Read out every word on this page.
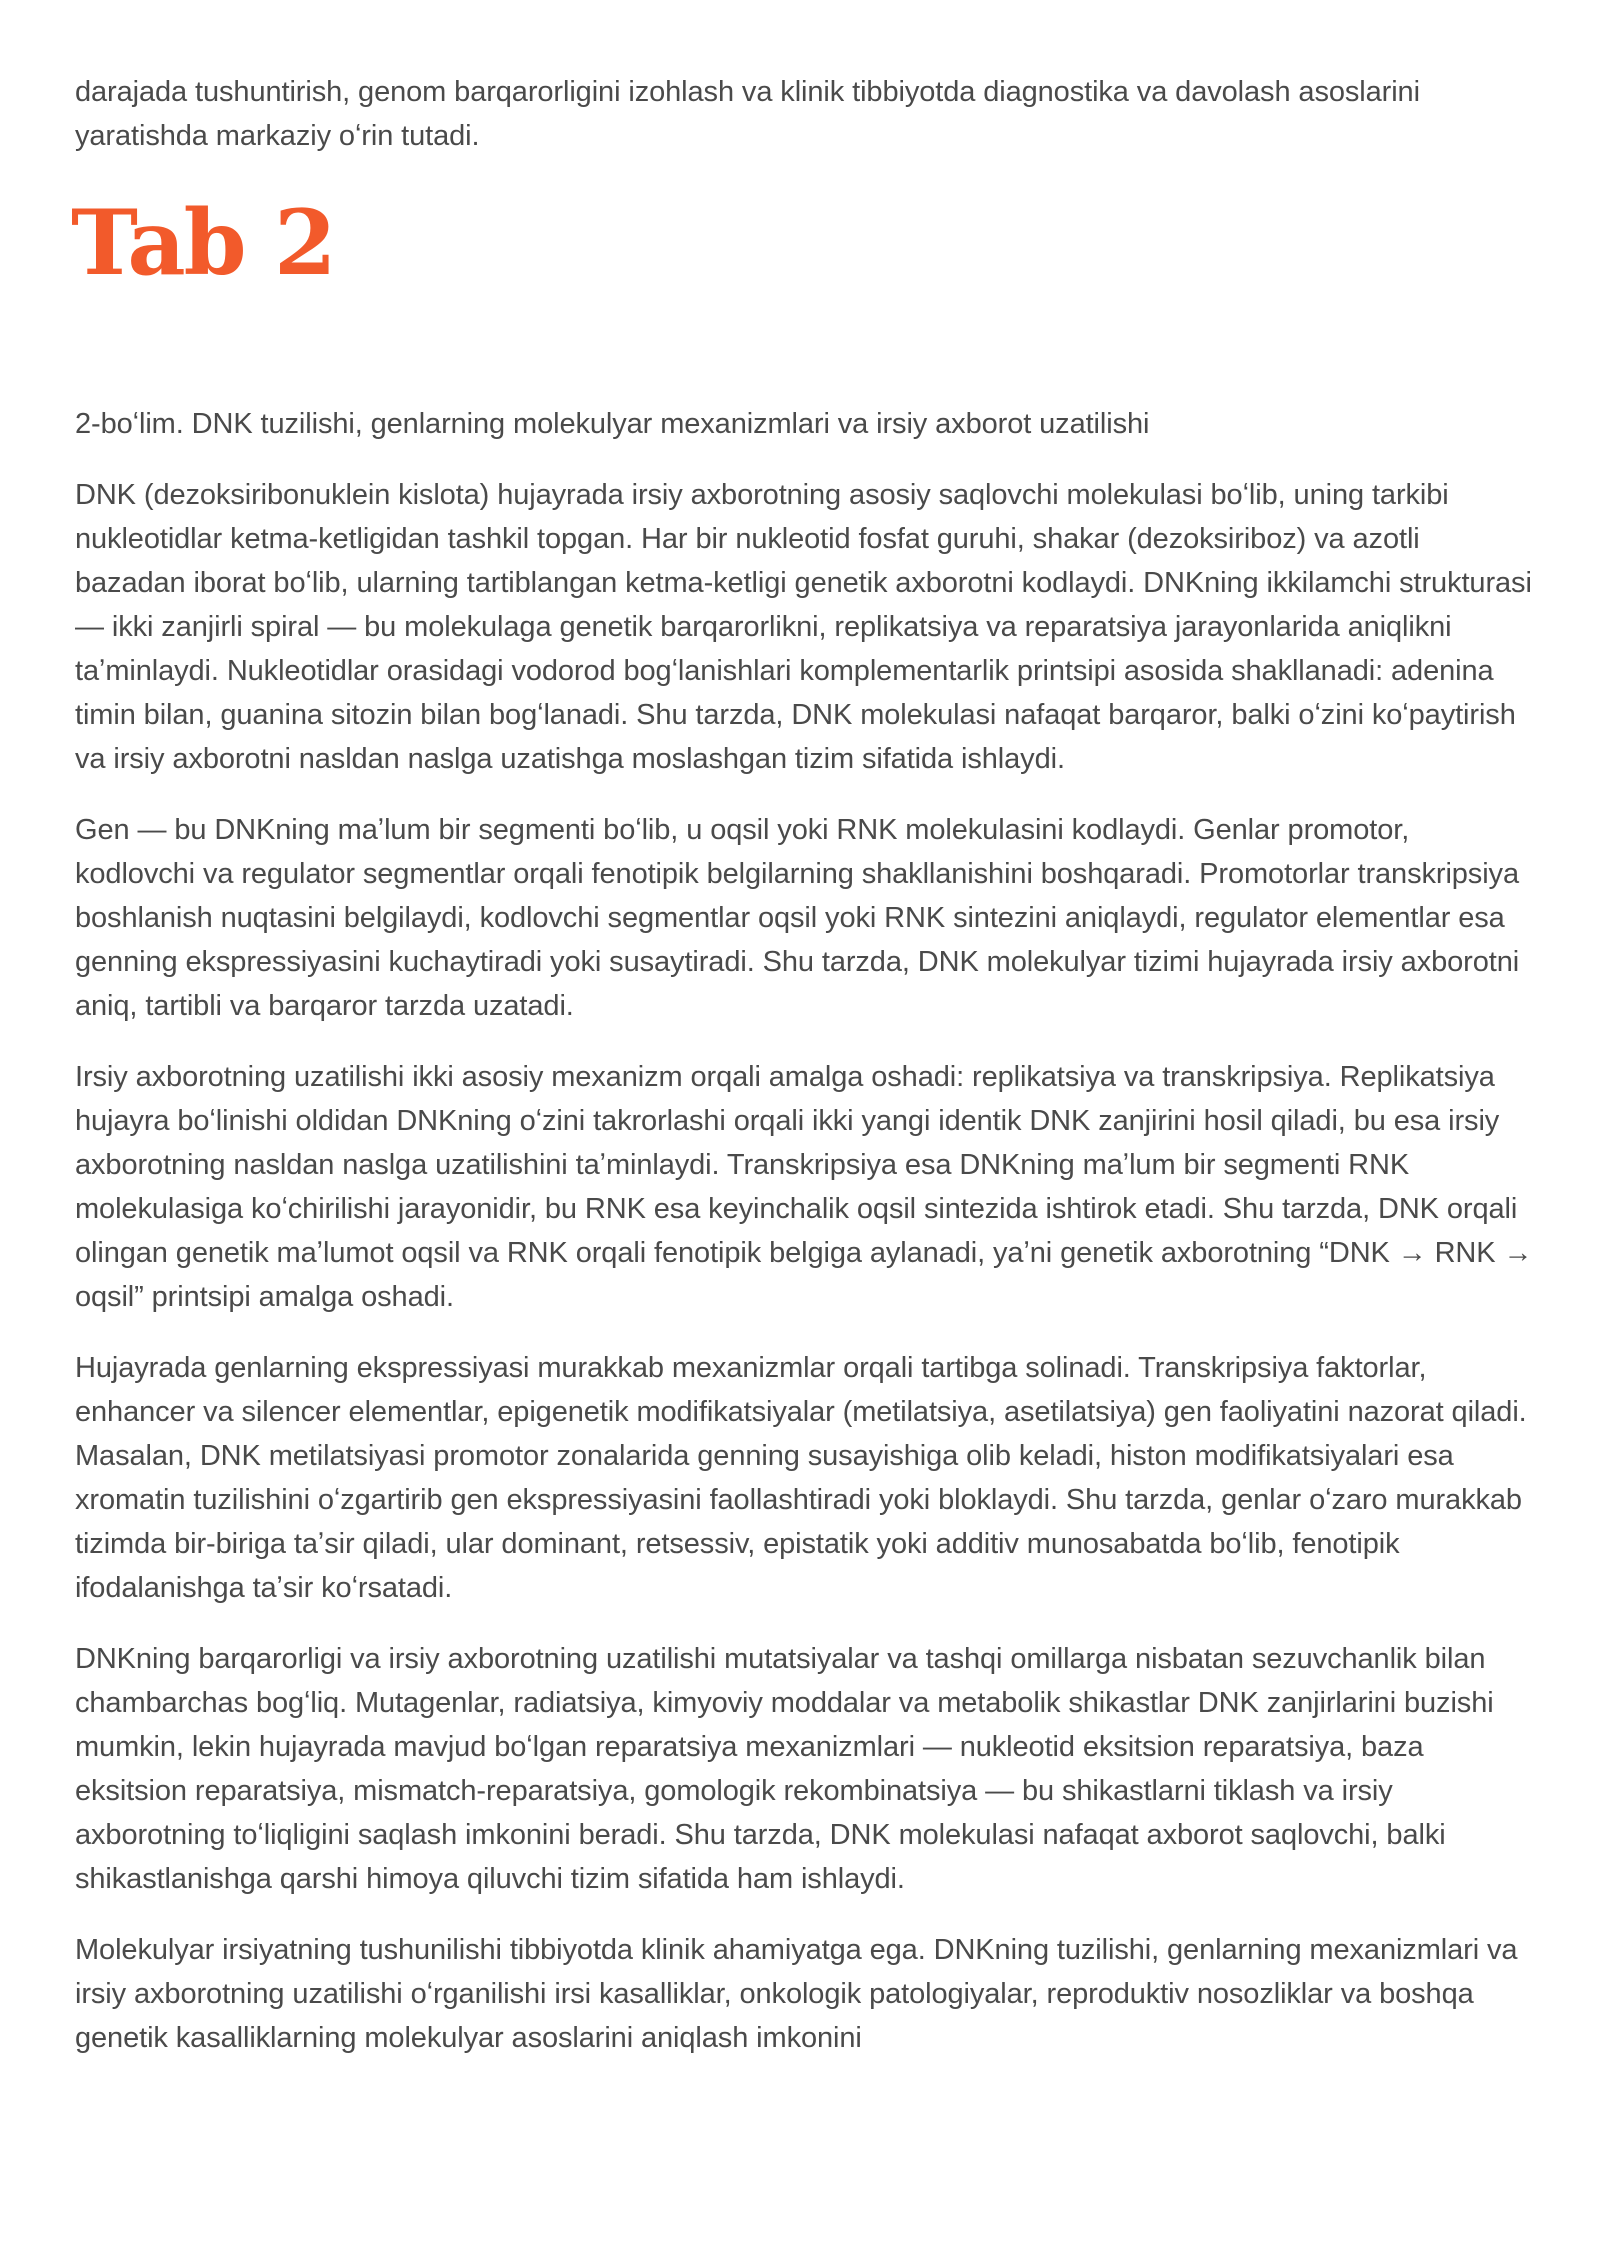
darajada tushuntirish, genom barqarorligini izohlash va klinik tibbiyotda diagnostika va davolash asoslarini yaratishda markaziy oʻrin tutadi.

Tab 2

2-boʻlim. DNK tuzilishi, genlarning molekulyar mexanizmlari va irsiy axborot uzatilishi

DNK (dezoksiribonuklein kislota) hujayrada irsiy axborotning asosiy saqlovchi molekulasi boʻlib, uning tarkibi nukleotidlar ketma-ketligidan tashkil topgan. Har bir nukleotid fosfat guruhi, shakar (dezoksiriboz) va azotli bazadan iborat boʻlib, ularning tartiblangan ketma-ketligi genetik axborotni kodlaydi. DNKning ikkilamchi strukturasi — ikki zanjirli spiral — bu molekulaga genetik barqarorlikni, replikatsiya va reparatsiya jarayonlarida aniqlikni taʼminlaydi. Nukleotidlar orasidagi vodorod bogʻlanishlari komplementarlik printsipi asosida shakllanadi: adenina timin bilan, guanina sitozin bilan bogʻlanadi. Shu tarzda, DNK molekulasi nafaqat barqaror, balki oʻzini koʻpaytirish va irsiy axborotni nasldan naslga uzatishga moslashgan tizim sifatida ishlaydi.

Gen — bu DNKning maʼlum bir segmenti boʻlib, u oqsil yoki RNK molekulasini kodlaydi. Genlar promotor, kodlovchi va regulator segmentlar orqali fenotipik belgilarning shakllanishini boshqaradi. Promotorlar transkripsiya boshlanish nuqtasini belgilaydi, kodlovchi segmentlar oqsil yoki RNK sintezini aniqlaydi, regulator elementlar esa genning ekspressiyasini kuchaytiradi yoki susaytiradi. Shu tarzda, DNK molekulyar tizimi hujayrada irsiy axborotni aniq, tartibli va barqaror tarzda uzatadi.

Irsiy axborotning uzatilishi ikki asosiy mexanizm orqali amalga oshadi: replikatsiya va transkripsiya. Replikatsiya hujayra boʻlinishi oldidan DNKning oʻzini takrorlashi orqali ikki yangi identik DNK zanjirini hosil qiladi, bu esa irsiy axborotning nasldan naslga uzatilishini taʼminlaydi. Transkripsiya esa DNKning maʼlum bir segmenti RNK molekulasiga koʻchirilishi jarayonidir, bu RNK esa keyinchalik oqsil sintezida ishtirok etadi. Shu tarzda, DNK orqali olingan genetik maʼlumot oqsil va RNK orqali fenotipik belgiga aylanadi, yaʼni genetik axborotning “DNK → RNK → oqsil” printsipi amalga oshadi.

Hujayrada genlarning ekspressiyasi murakkab mexanizmlar orqali tartibga solinadi. Transkripsiya faktorlar, enhancer va silencer elementlar, epigenetik modifikatsiyalar (metilatsiya, asetilatsiya) gen faoliyatini nazorat qiladi. Masalan, DNK metilatsiyasi promotor zonalarida genning susayishiga olib keladi, histon modifikatsiyalari esa xromatin tuzilishini oʻzgartirib gen ekspressiyasini faollashtiradi yoki bloklaydi. Shu tarzda, genlar oʻzaro murakkab tizimda bir-biriga taʼsir qiladi, ular dominant, retsessiv, epistatik yoki additiv munosabatda boʻlib, fenotipik ifodalanishga taʼsir koʻrsatadi.

DNKning barqarorligi va irsiy axborotning uzatilishi mutatsiyalar va tashqi omillarga nisbatan sezuvchanlik bilan chambarchas bogʻliq. Mutagenlar, radiatsiya, kimyoviy moddalar va metabolik shikastlar DNK zanjirlarini buzishi mumkin, lekin hujayrada mavjud boʻlgan reparatsiya mexanizmlari — nukleotid eksitsion reparatsiya, baza eksitsion reparatsiya, mismatch-reparatsiya, gomologik rekombinatsiya — bu shikastlarni tiklash va irsiy axborotning toʻliqligini saqlash imkonini beradi. Shu tarzda, DNK molekulasi nafaqat axborot saqlovchi, balki shikastlanishga qarshi himoya qiluvchi tizim sifatida ham ishlaydi.

Molekulyar irsiyatning tushunilishi tibbiyotda klinik ahamiyatga ega. DNKning tuzilishi, genlarning mexanizmlari va irsiy axborotning uzatilishi oʻrganilishi irsi kasalliklar, onkologik patologiyalar, reproduktiv nosozliklar va boshqa genetik kasalliklarning molekulyar asoslarini aniqlash imkonini
